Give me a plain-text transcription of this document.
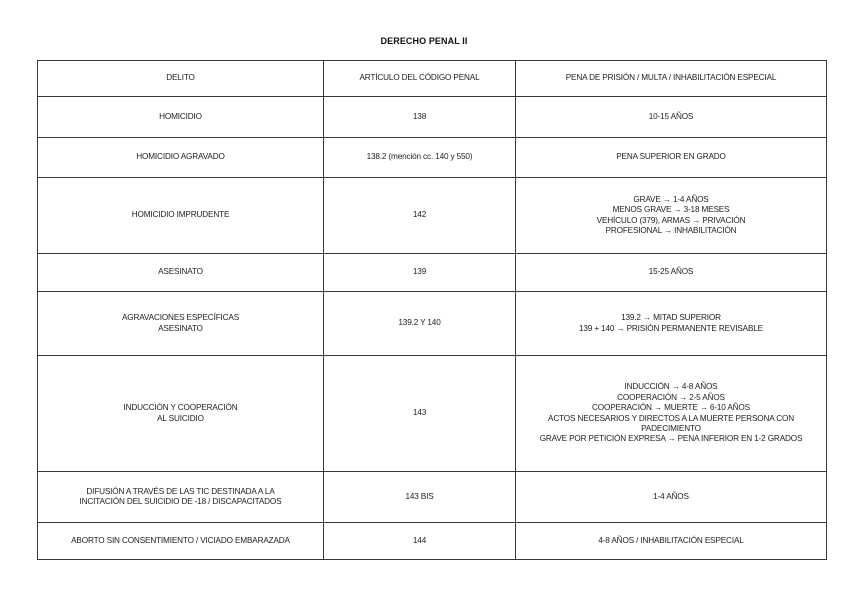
DERECHO PENAL II
DELITO	ARTÍCULO DEL CÓDIGO PENAL	PENA DE PRISIÓN / MULTA / INHABILITACIÓN ESPECIAL

HOMICIDIO	138	10-15 AÑOS

HOMICIDIO AGRAVADO	138.2 (mención cc. 140 y 550)	PENA SUPERIOR EN GRADO

HOMICIDIO IMPRUDENTE	142	GRAVE → 1-4 AÑOS
MENOS GRAVE → 3-18 MESES
VEHÍCULO (379), ARMAS → PRIVACIÓN
PROFESIONAL → INHABILITACIÓN

ASESINATO	139	15-25 AÑOS

AGRAVACIONES ESPECÍFICAS
ASESINATO	139.2 Y 140	139.2 → MITAD SUPERIOR
139 + 140 → PRISIÓN PERMANENTE REVISABLE

INDUCCIÓN Y COOPERACIÓN
AL SUICIDIO	143	INDUCCIÓN → 4-8 AÑOS
COOPERACIÓN → 2-5 AÑOS
COOPERACIÓN → MUERTE → 6-10 AÑOS
ACTOS NECESARIOS Y DIRECTOS A LA MUERTE PERSONA CON PADECIMIENTO
GRAVE POR PETICIÓN EXPRESA → PENA INFERIOR EN 1-2 GRADOS

DIFUSIÓN A TRAVÉS DE LAS TIC DESTINADA A LA
INCITACIÓN DEL SUICIDIO DE -18 / DISCAPACITADOS	143 BIS	1-4 AÑOS

ABORTO SIN CONSENTIMIENTO / VICIADO EMBARAZADA	144	4-8 AÑOS / INHABILITACIÓN ESPECIAL
